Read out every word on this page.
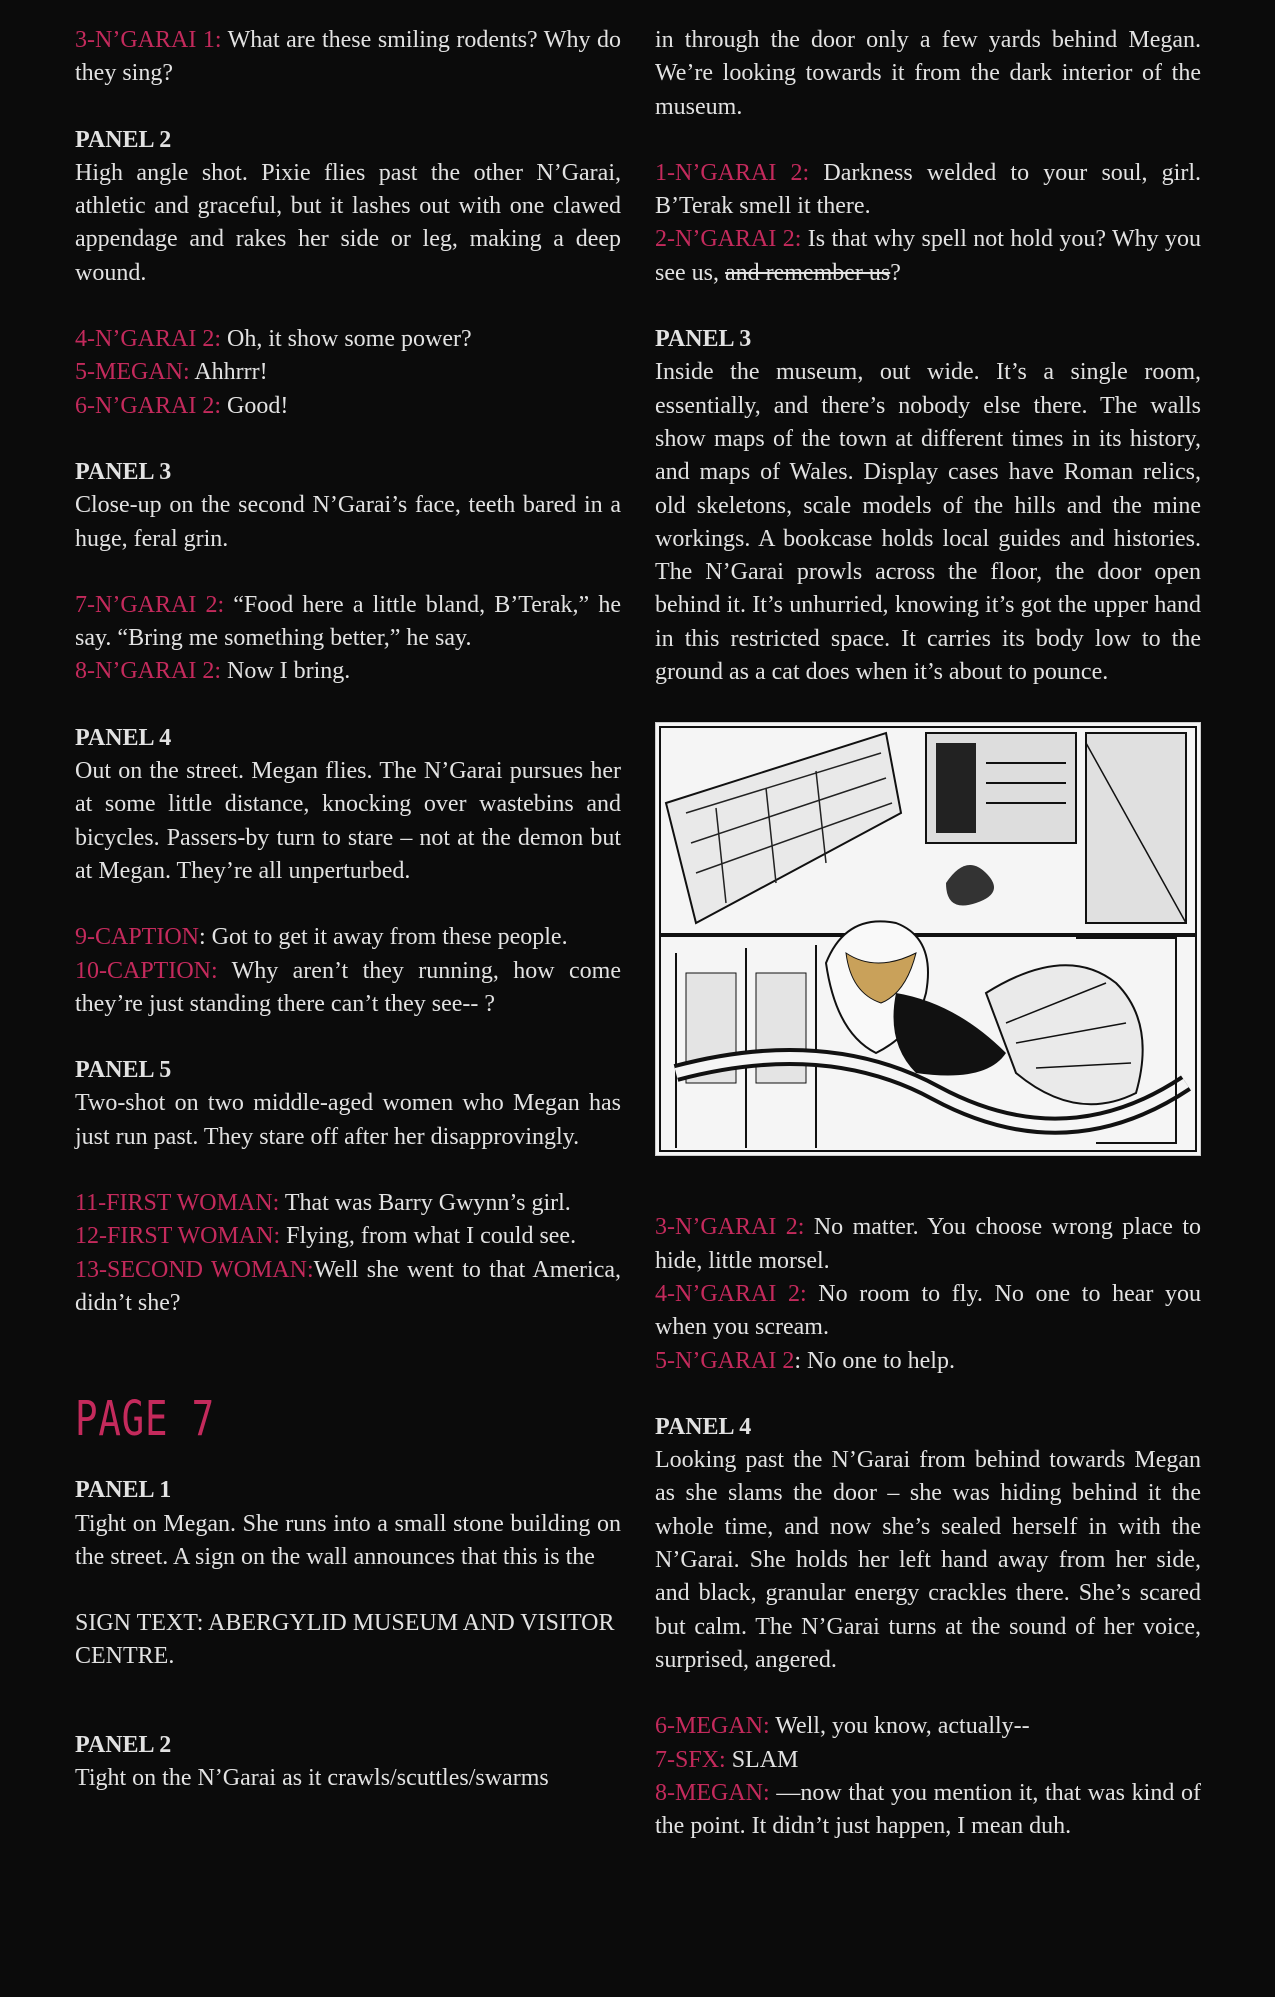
3-N’GARAI 1: What are these smiling rodents? Why do they sing?

PANEL 2

High angle shot. Pixie flies past the other N’Garai, athletic and graceful, but it lashes out with one clawed appendage and rakes her side or leg, making a deep wound.

4-N’GARAI 2: Oh, it show some power?

5-MEGAN: Ahhrrr!

6-N’GARAI 2: Good!

PANEL 3

Close-up on the second N’Garai’s face, teeth bared in a huge, feral grin.

7-N’GARAI 2: “Food here a little bland, B’Terak,” he say. “Bring me something better,” he say.

8-N’GARAI 2: Now I bring.

PANEL 4

Out on the street. Megan flies. The N’Garai pursues her at some little distance, knocking over wastebins and bicycles. Passers-by turn to stare – not at the demon but at Megan. They’re all unperturbed.

9-CAPTION: Got to get it away from these people.

10-CAPTION: Why aren’t they running, how come they’re just standing there can’t they see-- ?

PANEL 5

Two-shot on two middle-aged women who Megan has just run past. They stare off after her disapprovingly.

11-FIRST WOMAN: That was Barry Gwynn’s girl.

12-FIRST WOMAN: Flying, from what I could see.

13-SECOND WOMAN:Well she went to that America, didn’t she?

PAGE 7

PANEL 1

Tight on Megan. She runs into a small stone building on the street. A sign on the wall announces that this is the

SIGN TEXT: ABERGYLID MUSEUM AND VISITOR CENTRE.

PANEL 2

Tight on the N’Garai as it crawls/scuttles/swarms

in through the door only a few yards behind Megan. We’re looking towards it from the dark interior of the museum.

1-N’GARAI 2: Darkness welded to your soul, girl. B’Terak smell it there.

2-N’GARAI 2: Is that why spell not hold you? Why you see us, and remember us?

PANEL 3

Inside the museum, out wide. It’s a single room, essentially, and there’s nobody else there. The walls show maps of the town at different times in its history, and maps of Wales. Display cases have Roman relics, old skeletons, scale models of the hills and the mine workings. A bookcase holds local guides and histories. The N’Garai prowls across the floor, the door open behind it. It’s unhurried, knowing it’s got the upper hand in this restricted space. It carries its body low to the ground as a cat does when it’s about to pounce.

3-N’GARAI 2: No matter. You choose wrong place to hide, little morsel.

4-N’GARAI 2: No room to fly. No one to hear you when you scream.

5-N’GARAI 2: No one to help.

PANEL 4

Looking past the N’Garai from behind towards Megan as she slams the door – she was hiding behind it the whole time, and now she’s sealed herself in with the N’Garai. She holds her left hand away from her side, and black, granular energy crackles there. She’s scared but calm. The N’Garai turns at the sound of her voice, surprised, angered.

6-MEGAN: Well, you know, actually--

7-SFX: SLAM

8-MEGAN: —now that you mention it, that was kind of the point. It didn’t just happen, I mean duh.
